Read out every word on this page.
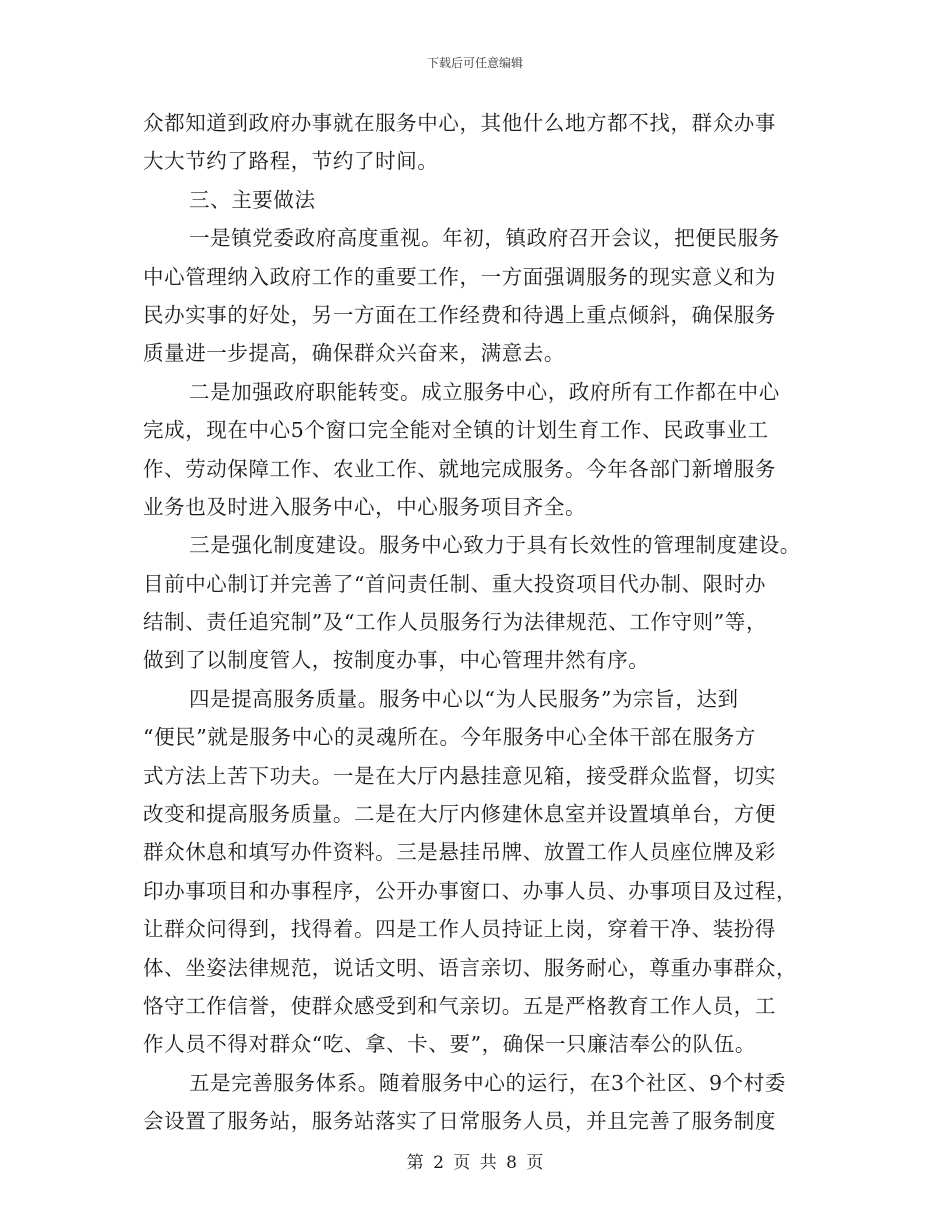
下载后可任意编辑
众都知道到政府办事就在服务中心，其他什么地方都不找，群众办事
大大节约了路程，节约了时间。
三、主要做法
一是镇党委政府高度重视。年初，镇政府召开会议，把便民服务
中心管理纳入政府工作的重要工作，一方面强调服务的现实意义和为
民办实事的好处，另一方面在工作经费和待遇上重点倾斜，确保服务
质量进一步提高，确保群众兴奋来，满意去。
二是加强政府职能转变。成立服务中心，政府所有工作都在中心
完成，现在中心5个窗口完全能对全镇的计划生育工作、民政事业工
作、劳动保障工作、农业工作、就地完成服务。今年各部门新增服务
业务也及时进入服务中心，中心服务项目齐全。
三是强化制度建设。服务中心致力于具有长效性的管理制度建设。
目前中心制订并完善了“首问责任制、重大投资项目代办制、限时办
结制、责任追究制”及“工作人员服务行为法律规范、工作守则”等，
做到了以制度管人，按制度办事，中心管理井然有序。
四是提高服务质量。服务中心以“为人民服务”为宗旨，达到
“便民”就是服务中心的灵魂所在。今年服务中心全体干部在服务方
式方法上苦下功夫。一是在大厅内悬挂意见箱，接受群众监督，切实
改变和提高服务质量。二是在大厅内修建休息室并设置填单台，方便
群众休息和填写办件资料。三是悬挂吊牌、放置工作人员座位牌及彩
印办事项目和办事程序，公开办事窗口、办事人员、办事项目及过程，
让群众问得到，找得着。四是工作人员持证上岗，穿着干净、装扮得
体、坐姿法律规范，说话文明、语言亲切、服务耐心，尊重办事群众，
恪守工作信誉，使群众感受到和气亲切。五是严格教育工作人员，工
作人员不得对群众“吃、拿、卡、要”，确保一只廉洁奉公的队伍。
五是完善服务体系。随着服务中心的运行，在3个社区、9个村委
会设置了服务站，服务站落实了日常服务人员，并且完善了服务制度
第 2 页 共 8 页
